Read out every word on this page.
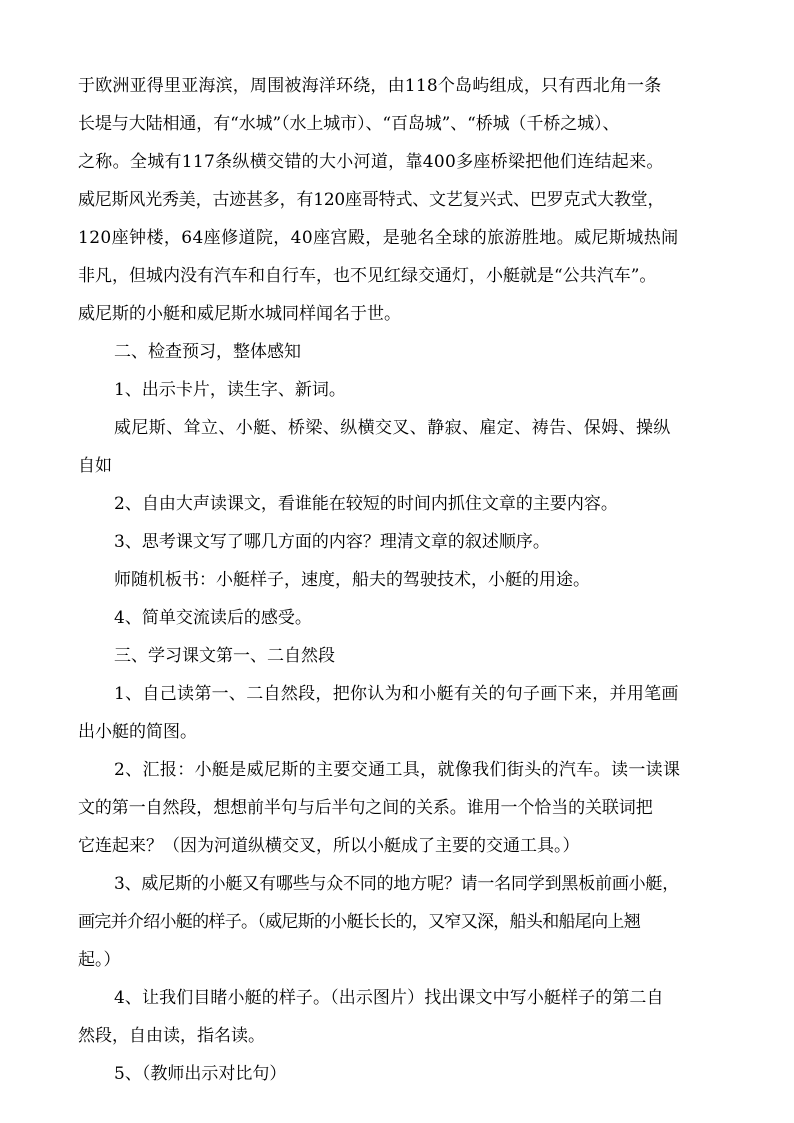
于欧洲亚得里亚海滨，周围被海洋环绕，由118个岛屿组成，只有西北角一条
长堤与大陆相通，有“水城”（水上城市）、“百岛城”、“桥城（千桥之城）、
之称。全城有117条纵横交错的大小河道，靠400多座桥梁把他们连结起来。
威尼斯风光秀美，古迹甚多，有120座哥特式、文艺复兴式、巴罗克式大教堂，
120座钟楼，64座修道院，40座宫殿，是驰名全球的旅游胜地。威尼斯城热闹
非凡，但城内没有汽车和自行车，也不见红绿交通灯，小艇就是“公共汽车”。
威尼斯的小艇和威尼斯水城同样闻名于世。
二、检查预习，整体感知
1、出示卡片，读生字、新词。
威尼斯、耸立、小艇、桥梁、纵横交叉、静寂、雇定、祷告、保姆、操纵
自如
2、自由大声读课文，看谁能在较短的时间内抓住文章的主要内容。
3、思考课文写了哪几方面的内容？理清文章的叙述顺序。
师随机板书：小艇样子，速度，船夫的驾驶技术，小艇的用途。
4、简单交流读后的感受。
三、学习课文第一、二自然段
1、自己读第一、二自然段，把你认为和小艇有关的句子画下来，并用笔画
出小艇的简图。
2、汇报：小艇是威尼斯的主要交通工具，就像我们街头的汽车。读一读课
文的第一自然段，想想前半句与后半句之间的关系。谁用一个恰当的关联词把
它连起来？（因为河道纵横交叉，所以小艇成了主要的交通工具。）
3、威尼斯的小艇又有哪些与众不同的地方呢？请一名同学到黑板前画小艇，
画完并介绍小艇的样子。（威尼斯的小艇长长的，又窄又深，船头和船尾向上翘
起。）
4、让我们目睹小艇的样子。（出示图片）找出课文中写小艇样子的第二自
然段，自由读，指名读。
5、（教师出示对比句）
